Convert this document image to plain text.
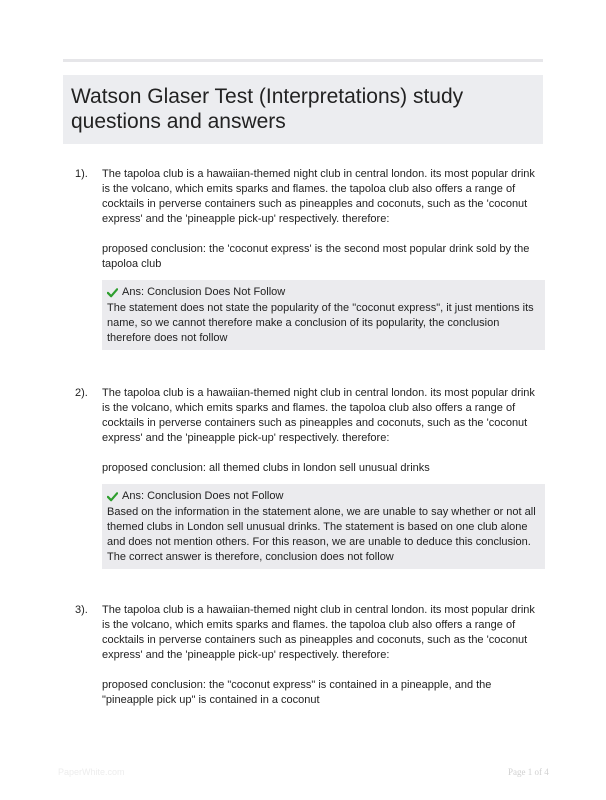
Watson Glaser Test (Interpretations) study questions and answers
1). The tapoloa club is a hawaiian-themed night club in central london. its most popular drink is the volcano, which emits sparks and flames. the tapoloa club also offers a range of cocktails in perverse containers such as pineapples and coconuts, such as the 'coconut express' and the 'pineapple pick-up' respectively. therefore:

proposed conclusion: the 'coconut express' is the second most popular drink sold by the tapoloa club

Ans: Conclusion Does Not Follow

The statement does not state the popularity of the "coconut express", it just mentions its name, so we cannot therefore make a conclusion of its popularity, the conclusion therefore does not follow

2). The tapoloa club is a hawaiian-themed night club in central london. its most popular drink is the volcano, which emits sparks and flames. the tapoloa club also offers a range of cocktails in perverse containers such as pineapples and coconuts, such as the 'coconut express' and the 'pineapple pick-up' respectively. therefore:

proposed conclusion: all themed clubs in london sell unusual drinks

Ans: Conclusion Does not Follow

Based on the information in the statement alone, we are unable to say whether or not all themed clubs in London sell unusual drinks. The statement is based on one club alone and does not mention others. For this reason, we are unable to deduce this conclusion. The correct answer is therefore, conclusion does not follow

3). The tapoloa club is a hawaiian-themed night club in central london. its most popular drink is the volcano, which emits sparks and flames. the tapoloa club also offers a range of cocktails in perverse containers such as pineapples and coconuts, such as the 'coconut express' and the 'pineapple pick-up' respectively. therefore:

proposed conclusion: the "coconut express" is contained in a pineapple, and the "pineapple pick up" is contained in a coconut

PaperWhite.com	Page 1 of 4
